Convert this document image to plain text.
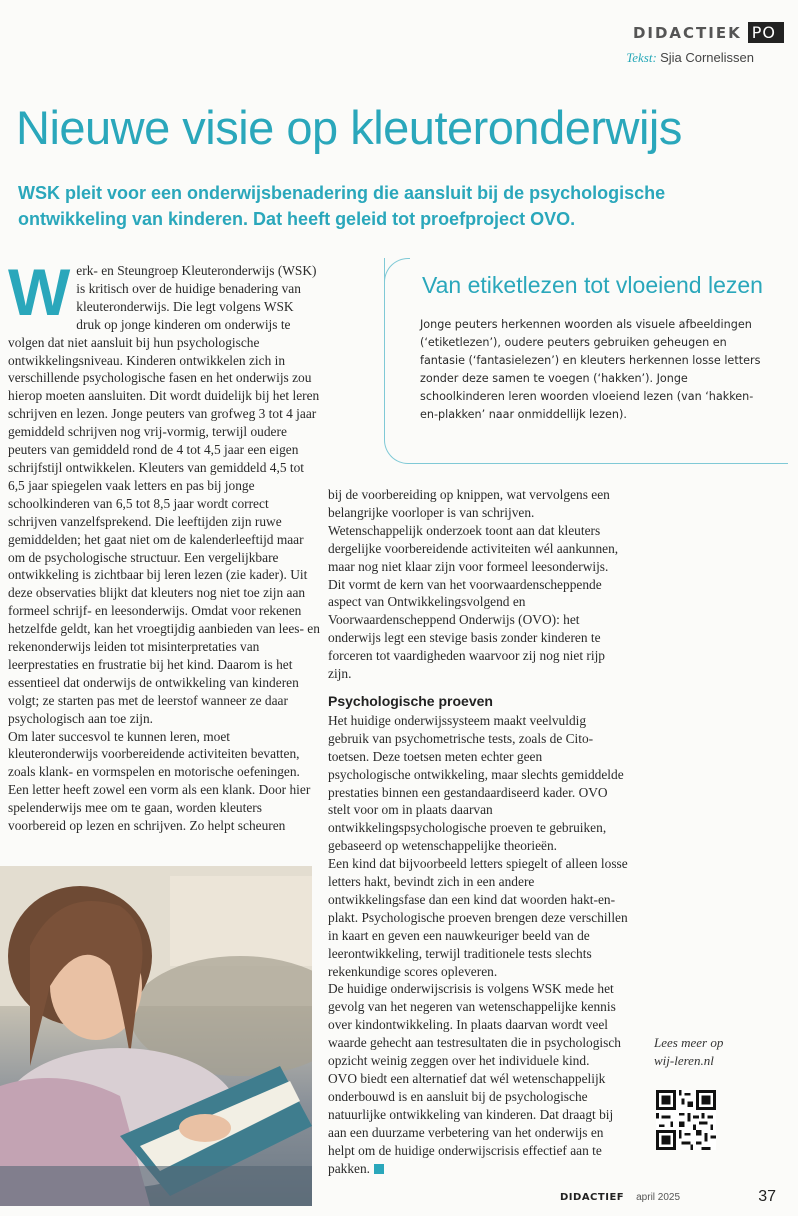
DIDACTIEK PO
Tekst: Sjia Cornelissen
Nieuwe visie op kleuteronderwijs

WSK pleit voor een onderwijsbenadering die aansluit bij de psychologische ontwikkeling van kinderen. Dat heeft geleid tot proefproject OVO.

Werk- en Steungroep Kleuteronderwijs (WSK) is kritisch over de huidige benadering van kleuteronderwijs. Die legt volgens WSK druk op jonge kinderen om onderwijs te volgen dat niet aansluit bij hun psychologische ontwikkelingsniveau. Kinderen ontwikkelen zich in verschillende psychologische fasen en het onderwijs zou hierop moeten aansluiten. Dit wordt duidelijk bij het leren schrijven en lezen. Jonge peuters van grofweg 3 tot 4 jaar gemiddeld schrijven nog vrij-vormig, terwijl oudere peuters van gemiddeld rond de 4 tot 4,5 jaar een eigen schrijfstijl ontwikkelen. Kleuters van gemiddeld 4,5 tot 6,5 jaar spiegelen vaak letters en pas bij jonge schoolkinderen van 6,5 tot 8,5 jaar wordt correct schrijven vanzelfsprekend. Die leeftijden zijn ruwe gemiddelden; het gaat niet om de kalenderleeftijd maar om de psychologische structuur. Een vergelijkbare ontwikkeling is zichtbaar bij leren lezen (zie kader). Uit deze observaties blijkt dat kleuters nog niet toe zijn aan formeel schrijf- en leesonderwijs. Omdat voor rekenen hetzelfde geldt, kan het vroegtijdig aanbieden van lees- en rekenonderwijs leiden tot misinterpretaties van leerprestaties en frustratie bij het kind. Daarom is het essentieel dat onderwijs de ontwikkeling van kinderen volgt; ze starten pas met de leerstof wanneer ze daar psychologisch aan toe zijn.

Om later succesvol te kunnen leren, moet kleuteronderwijs voorbereidende activiteiten bevatten, zoals klank- en vormspelen en motorische oefeningen.

Een letter heeft zowel een vorm als een klank. Door hier spelenderwijs mee om te gaan, worden kleuters voorbereid op lezen en schrijven. Zo helpt scheuren

Van etiketlezen tot vloeiend lezen
Jonge peuters herkennen woorden als visuele afbeeldingen (‘etiketlezen’), oudere peuters gebruiken geheugen en fantasie (‘fantasielezen’) en kleuters herkennen losse letters zonder deze samen te voegen (‘hakken’). Jonge schoolkinderen leren woorden vloeiend lezen (van ‘hakken-en-plakken’ naar onmiddellijk lezen).

bij de voorbereiding op knippen, wat vervolgens een belangrijke voorloper is van schrijven.

Wetenschappelijk onderzoek toont aan dat kleuters dergelijke voorbereidende activiteiten wél aankunnen, maar nog niet klaar zijn voor formeel leesonderwijs. Dit vormt de kern van het voorwaardenscheppende aspect van Ontwikkelingsvolgend en Voorwaardenscheppend Onderwijs (OVO): het onderwijs legt een stevige basis zonder kinderen te forceren tot vaardigheden waarvoor zij nog niet rijp zijn.

Psychologische proeven

Het huidige onderwijssysteem maakt veelvuldig gebruik van psychometrische tests, zoals de Cito-toetsen. Deze toetsen meten echter geen psychologische ontwikkeling, maar slechts gemiddelde prestaties binnen een gestandaardiseerd kader. OVO stelt voor om in plaats daarvan ontwikkelingspsychologische proeven te gebruiken, gebaseerd op wetenschappelijke theorieën.

Een kind dat bijvoorbeeld letters spiegelt of alleen losse letters hakt, bevindt zich in een andere ontwikkelingsfase dan een kind dat woorden hakt-en-plakt. Psychologische proeven brengen deze verschillen in kaart en geven een nauwkeuriger beeld van de leerontwikkeling, terwijl traditionele tests slechts rekenkundige scores opleveren.

De huidige onderwijscrisis is volgens WSK mede het gevolg van het negeren van wetenschappelijke kennis over kindontwikkeling. In plaats daarvan wordt veel waarde gehecht aan testresultaten die in psychologisch opzicht weinig zeggen over het individuele kind.

OVO biedt een alternatief dat wél wetenschappelijk onderbouwd is en aansluit bij de psychologische natuurlijke ontwikkeling van kinderen. Dat draagt bij aan een duurzame verbetering van het onderwijs en helpt om de huidige onderwijscrisis effectief aan te pakken.

Lees meer op
wij-leren.nl
DIDACTIEF april 2025	37
